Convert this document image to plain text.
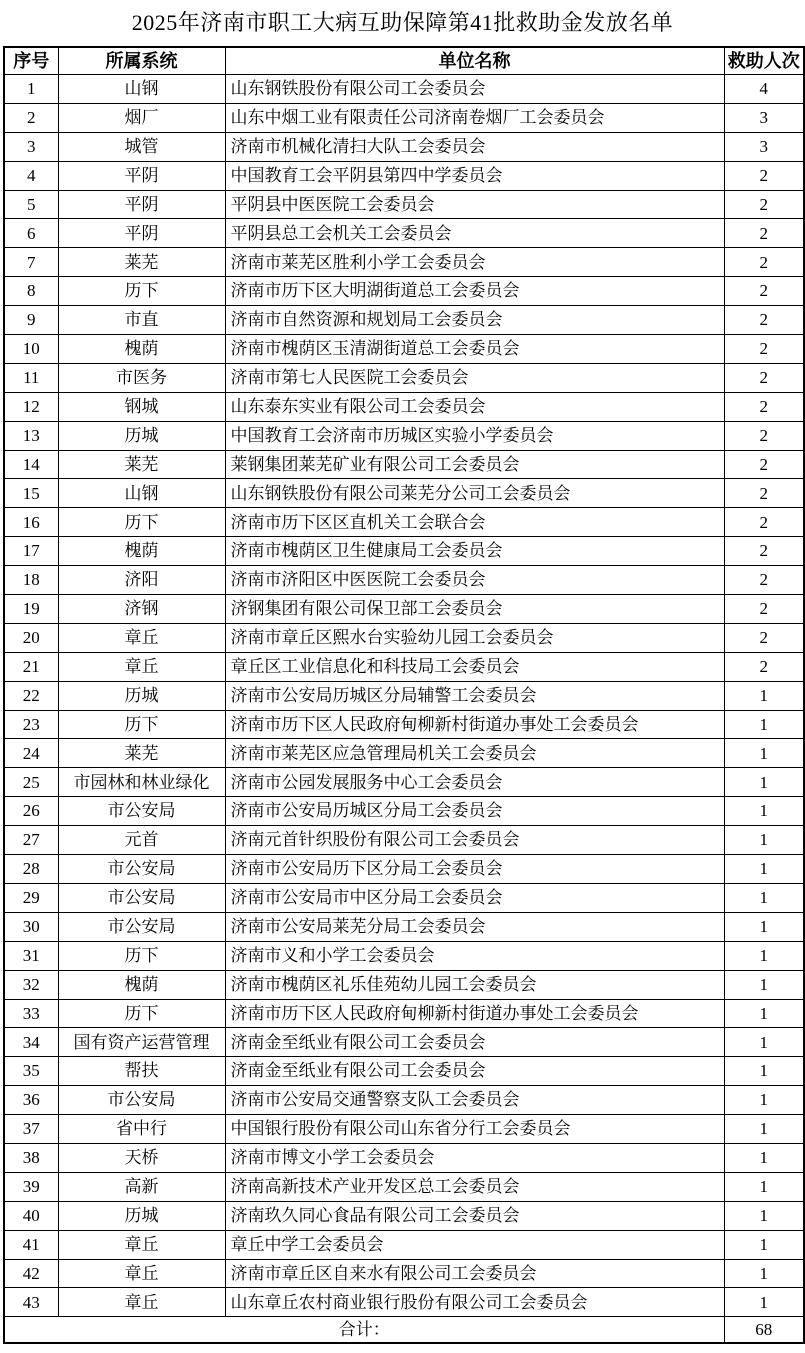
2025年济南市职工大病互助保障第41批救助金发放名单
序号	所属系统	单位名称	救助人次
1	山钢	山东钢铁股份有限公司工会委员会	4
2	烟厂	山东中烟工业有限责任公司济南卷烟厂工会委员会	3
3	城管	济南市机械化清扫大队工会委员会	3
4	平阴	中国教育工会平阴县第四中学委员会	2
5	平阴	平阴县中医医院工会委员会	2
6	平阴	平阴县总工会机关工会委员会	2
7	莱芜	济南市莱芜区胜利小学工会委员会	2
8	历下	济南市历下区大明湖街道总工会委员会	2
9	市直	济南市自然资源和规划局工会委员会	2
10	槐荫	济南市槐荫区玉清湖街道总工会委员会	2
11	市医务	济南市第七人民医院工会委员会	2
12	钢城	山东泰东实业有限公司工会委员会	2
13	历城	中国教育工会济南市历城区实验小学委员会	2
14	莱芜	莱钢集团莱芜矿业有限公司工会委员会	2
15	山钢	山东钢铁股份有限公司莱芜分公司工会委员会	2
16	历下	济南市历下区区直机关工会联合会	2
17	槐荫	济南市槐荫区卫生健康局工会委员会	2
18	济阳	济南市济阳区中医医院工会委员会	2
19	济钢	济钢集团有限公司保卫部工会委员会	2
20	章丘	济南市章丘区熙水台实验幼儿园工会委员会	2
21	章丘	章丘区工业信息化和科技局工会委员会	2
22	历城	济南市公安局历城区分局辅警工会委员会	1
23	历下	济南市历下区人民政府甸柳新村街道办事处工会委员会	1
24	莱芜	济南市莱芜区应急管理局机关工会委员会	1
25	市园林和林业绿化	济南市公园发展服务中心工会委员会	1
26	市公安局	济南市公安局历城区分局工会委员会	1
27	元首	济南元首针织股份有限公司工会委员会	1
28	市公安局	济南市公安局历下区分局工会委员会	1
29	市公安局	济南市公安局市中区分局工会委员会	1
30	市公安局	济南市公安局莱芜分局工会委员会	1
31	历下	济南市义和小学工会委员会	1
32	槐荫	济南市槐荫区礼乐佳苑幼儿园工会委员会	1
33	历下	济南市历下区人民政府甸柳新村街道办事处工会委员会	1
34	国有资产运营管理	济南金至纸业有限公司工会委员会	1
35	帮扶	济南金至纸业有限公司工会委员会	1
36	市公安局	济南市公安局交通警察支队工会委员会	1
37	省中行	中国银行股份有限公司山东省分行工会委员会	1
38	天桥	济南市博文小学工会委员会	1
39	高新	济南高新技术产业开发区总工会委员会	1
40	历城	济南玖久同心食品有限公司工会委员会	1
41	章丘	章丘中学工会委员会	1
42	章丘	济南市章丘区自来水有限公司工会委员会	1
43	章丘	山东章丘农村商业银行股份有限公司工会委员会	1
合计：			68
